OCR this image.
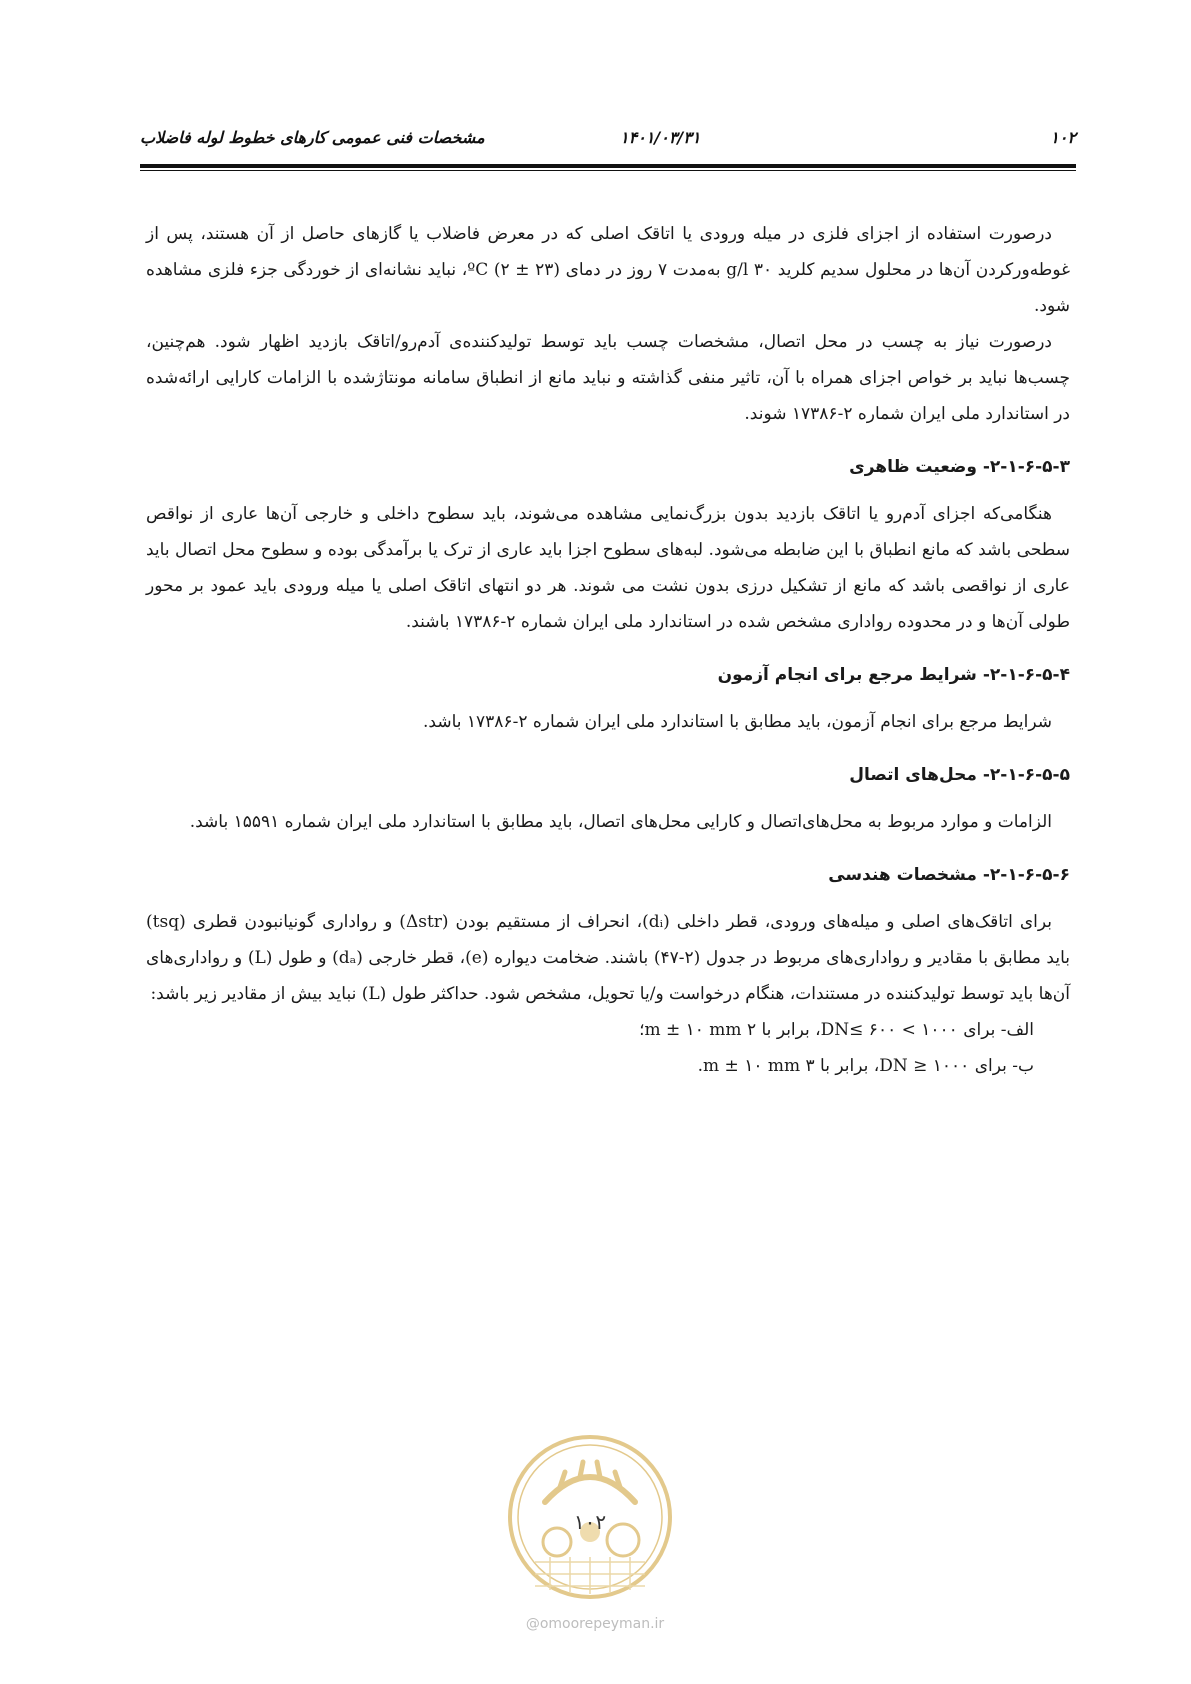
۱۰۲
۱۴۰۱/۰۳/۳۱
مشخصات فنی عمومی کارهای خطوط لوله فاضلاب

درصورت استفاده از اجزای فلزی در میله ورودی یا اتاقک اصلی که در معرض فاضلاب یا گازهای حاصل از آن هستند، پس از غوطه‌ورکردن آن‌ها در محلول سدیم کلرید ۳۰ g/l به‌مدت ۷ روز در دمای ºC (۲ ± ۲۳)، نباید نشانه‌ای از خوردگی جزء فلزی مشاهده شود.

درصورت نیاز به چسب در محل اتصال، مشخصات چسب باید توسط تولیدکننده‌ی آدم‌رو/اتاقک بازدید اظهار شود. هم‌چنین، چسب‌ها نباید بر خواص اجزای همراه با آن، تاثیر منفی گذاشته و نباید مانع از انطباق سامانه مونتاژشده با الزامات کارایی ارائه‌شده در استاندارد ملی ایران شماره ۲-۱۷۳۸۶ شوند.

۲-۱-۶-۵-۳- وضعیت ظاهری

هنگامی‌که اجزای آدم‌رو یا اتاقک بازدید بدون بزرگ‌نمایی مشاهده می‌شوند، باید سطوح داخلی و خارجی آن‌ها عاری از نواقص سطحی باشد که مانع انطباق با این ضابطه می‌شود. لبه‌های سطوح اجزا باید عاری از ترک یا برآمدگی بوده و سطوح محل اتصال باید عاری از نواقصی باشد که مانع از تشکیل درزی بدون نشت می شوند. هر دو انتهای اتاقک اصلی یا میله ورودی باید عمود بر محور طولی آن‌ها و در محدوده رواداری مشخص شده در استاندارد ملی ایران شماره ۲-۱۷۳۸۶ باشند.

۲-۱-۶-۵-۴- شرایط مرجع برای انجام آزمون

شرایط مرجع برای انجام آزمون، باید مطابق با استاندارد ملی ایران شماره ۲-۱۷۳۸۶ باشد.

۲-۱-۶-۵-۵- محل‌های اتصال

الزامات و موارد مربوط به محل‌های‌اتصال و کارایی محل‌های اتصال، باید مطابق با استاندارد ملی ایران شماره ۱۵۵۹۱ باشد.

۲-۱-۶-۵-۶- مشخصات هندسی

برای اتاقک‌های اصلی و میله‌های ورودی، قطر داخلی (dᵢ)، انحراف از مستقیم بودن (Δstr) و رواداری گونیانبودن قطری (tsq) باید مطابق با مقادیر و رواداری‌های مربوط در جدول (۲-۴۷) باشند. ضخامت دیواره (e)، قطر خارجی (dₐ) و طول (L) و رواداری‌های آن‌ها باید توسط تولیدکننده در مستندات، هنگام درخواست و/یا تحویل، مشخص شود. حداکثر طول (L) نباید بیش از مقادیر زیر باشد:

الف- برای ۱۰۰۰ > DN≤ ۶۰۰، برابر با ۲ m ± ۱۰ mm؛

ب- برای DN ≥ ۱۰۰۰، برابر با ۳ m ± ۱۰ mm.

۱۰۲
@omoorepeyman.ir
